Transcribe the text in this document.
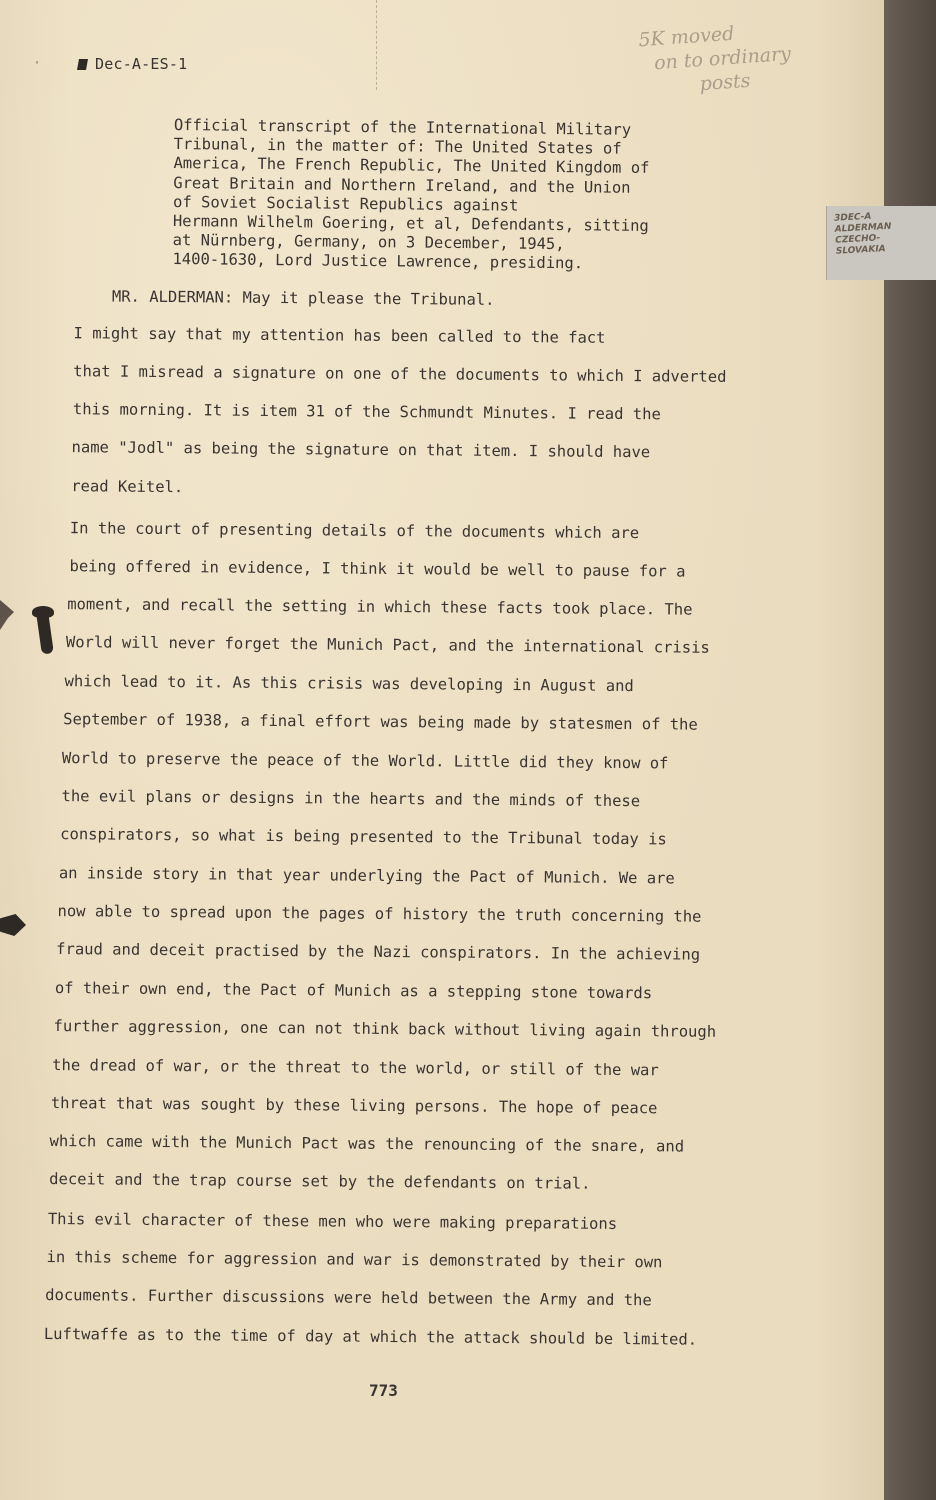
'	Dec-A-ES-1
5K moved
on to ordinary
posts
Official transcript of the International Military
Tribunal, in the matter of: The United States of
America, The French Republic, The United Kingdom of
Great Britain and Northern Ireland, and the Union
of Soviet Socialist Republics against
Hermann Wilhelm Goering, et al, Defendants, sitting
at Nürnberg, Germany, on 3 December, 1945,
1400-1630, Lord Justice Lawrence, presiding.
MR. ALDERMAN: May it please the Tribunal.
I might say that my attention has been called to the fact
that I misread a signature on one of the documents to which I adverted
this morning. It is item 31 of the Schmundt Minutes. I read the
name "Jodl" as being the signature on that item. I should have
read Keitel.
In the court of presenting details of the documents which are
being offered in evidence, I think it would be well to pause for a
moment, and recall the setting in which these facts took place. The
World will never forget the Munich Pact, and the international crisis
which lead to it. As this crisis was developing in August and
September of 1938, a final effort was being made by statesmen of the
World to preserve the peace of the World. Little did they know of
the evil plans or designs in the hearts and the minds of these
conspirators, so what is being presented to the Tribunal today is
an inside story in that year underlying the Pact of Munich. We are
now able to spread upon the pages of history the truth concerning the
fraud and deceit practised by the Nazi conspirators. In the achieving
of their own end, the Pact of Munich as a stepping stone towards
further aggression, one can not think back without living again through
the dread of war, or the threat to the world, or still of the war
threat that was sought by these living persons. The hope of peace
which came with the Munich Pact was the renouncing of the snare, and
deceit and the trap course set by the defendants on trial.
This evil character of these men who were making preparations
in this scheme for aggression and war is demonstrated by their own
documents. Further discussions were held between the Army and the
Luftwaffe as to the time of day at which the attack should be limited.
773
3DEC-A
ALDERMAN
CZECHO-
SLOVAKIA
